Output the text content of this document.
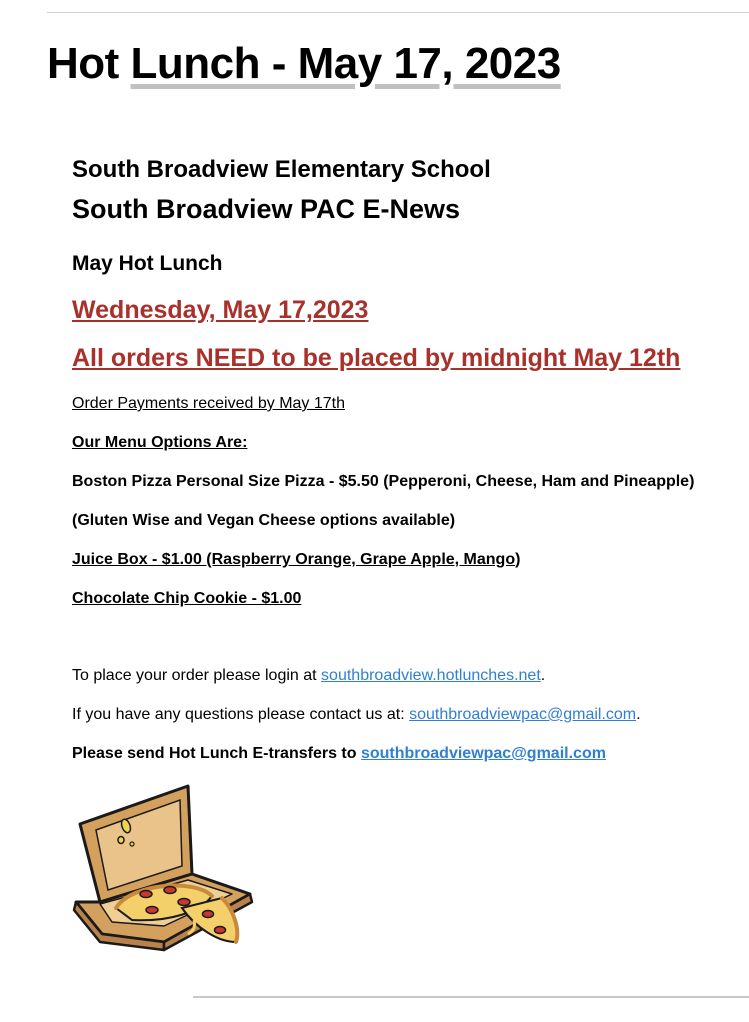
Hot Lunch - May 17, 2023

South Broadview Elementary School

South Broadview PAC E-News

May Hot Lunch

Wednesday, May 17,2023

All orders NEED to be placed by midnight May 12th

Order Payments received by May 17th

Our Menu Options Are:

Boston Pizza Personal Size Pizza - $5.50 (Pepperoni, Cheese, Ham and Pineapple)

(Gluten Wise and Vegan Cheese options available)

Juice Box - $1.00 (Raspberry Orange, Grape Apple, Mango)

Chocolate Chip Cookie - $1.00

To place your order please login at southbroadview.hotlunches.net.

If you have any questions please contact us at: southbroadviewpac@gmail.com.

Please send Hot Lunch E-transfers to southbroadviewpac@gmail.com
